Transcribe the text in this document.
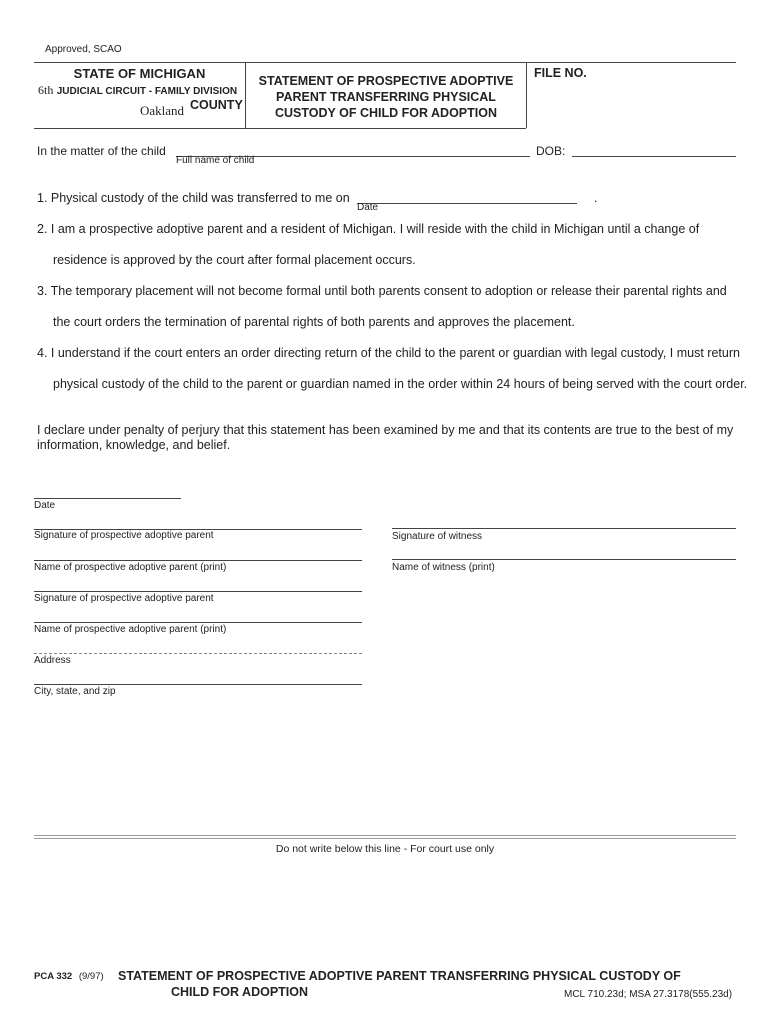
Approved, SCAO
STATE OF MICHIGAN
6th JUDICIAL CIRCUIT - FAMILY DIVISION
Oakland COUNTY
STATEMENT OF PROSPECTIVE ADOPTIVE
PARENT TRANSFERRING PHYSICAL
CUSTODY OF CHILD FOR ADOPTION
FILE NO.
In the matter of the child
Full name of child
DOB:
1. Physical custody of the child was transferred to me on	.
Date
2. I am a prospective adoptive parent and a resident of Michigan. I will reside with the child in Michigan until a change of
residence is approved by the court after formal placement occurs.
3. The temporary placement will not become formal until both parents consent to adoption or release their parental rights and
the court orders the termination of parental rights of both parents and approves the placement.
4. I understand if the court enters an order directing return of the child to the parent or guardian with legal custody, I must return
physical custody of the child to the parent or guardian named in the order within 24 hours of being served with the court order.
I declare under penalty of perjury that this statement has been examined by me and that its contents are true to the best of my
information, knowledge, and belief.
Date
Signature of prospective adoptive parent
Name of prospective adoptive parent (print)
Signature of prospective adoptive parent
Name of prospective adoptive parent (print)
Address
City, state, and zip
Signature of witness
Name of witness (print)
Do not write below this line - For court use only
PCA 332 (9/97) STATEMENT OF PROSPECTIVE ADOPTIVE PARENT TRANSFERRING PHYSICAL CUSTODY OF
CHILD FOR ADOPTION	MCL 710.23d; MSA 27.3178(555.23d)
